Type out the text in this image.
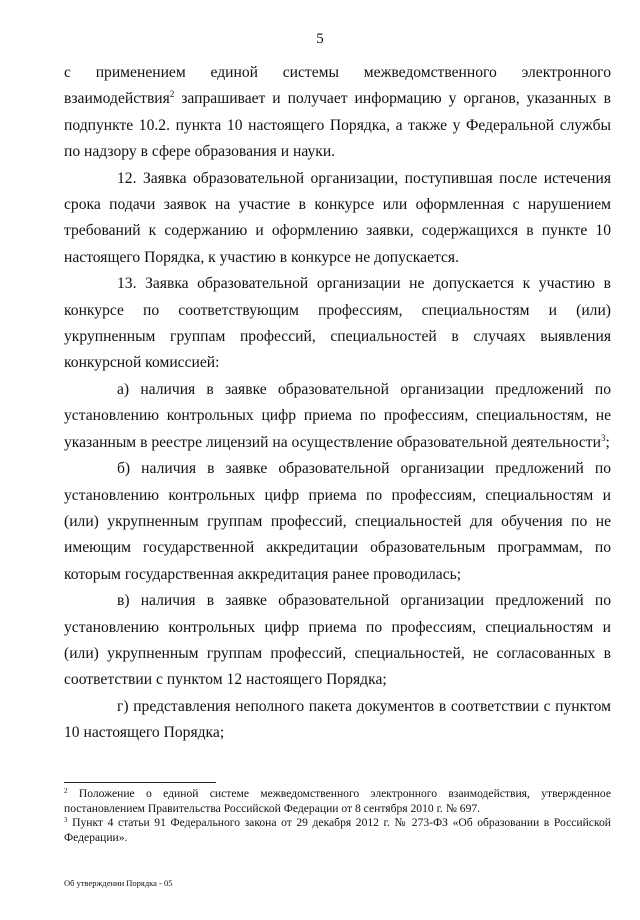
5

с применением единой системы межведомственного электронного взаимодействия$^2$ запрашивает и получает информацию у органов, указанных в подпункте 10.2. пункта 10 настоящего Порядка, а также у Федеральной службы по надзору в сфере образования и науки.

12. Заявка образовательной организации, поступившая после истечения срока подачи заявок на участие в конкурсе или оформленная с нарушением требований к содержанию и оформлению заявки, содержащихся в пункте 10 настоящего Порядка, к участию в конкурсе не допускается.

13. Заявка образовательной организации не допускается к участию в конкурсе по соответствующим профессиям, специальностям и (или) укрупненным группам профессий, специальностей в случаях выявления конкурсной комиссией:

а) наличия в заявке образовательной организации предложений по установлению контрольных цифр приема по профессиям, специальностям, не указанным в реестре лицензий на осуществление образовательной деятельности$^3$;

б) наличия в заявке образовательной организации предложений по установлению контрольных цифр приема по профессиям, специальностям и (или) укрупненным группам профессий, специальностей для обучения по не имеющим государственной аккредитации образовательным программам, по которым государственная аккредитация ранее проводилась;

в) наличия в заявке образовательной организации предложений по установлению контрольных цифр приема по профессиям, специальностям и (или) укрупненным группам профессий, специальностей, не согласованных в соответствии с пунктом 12 настоящего Порядка;

г) представления неполного пакета документов в соответствии с пунктом 10 настоящего Порядка;

$^2$ Положение о единой системе межведомственного электронного взаимодействия, утвержденное постановлением Правительства Российской Федерации от 8 сентября 2010 г. № 697.

$^3$ Пункт 4 статьи 91 Федерального закона от 29 декабря 2012 г. № 273-ФЗ «Об образовании в Российской Федерации».

Об утверждении Порядка - 05
